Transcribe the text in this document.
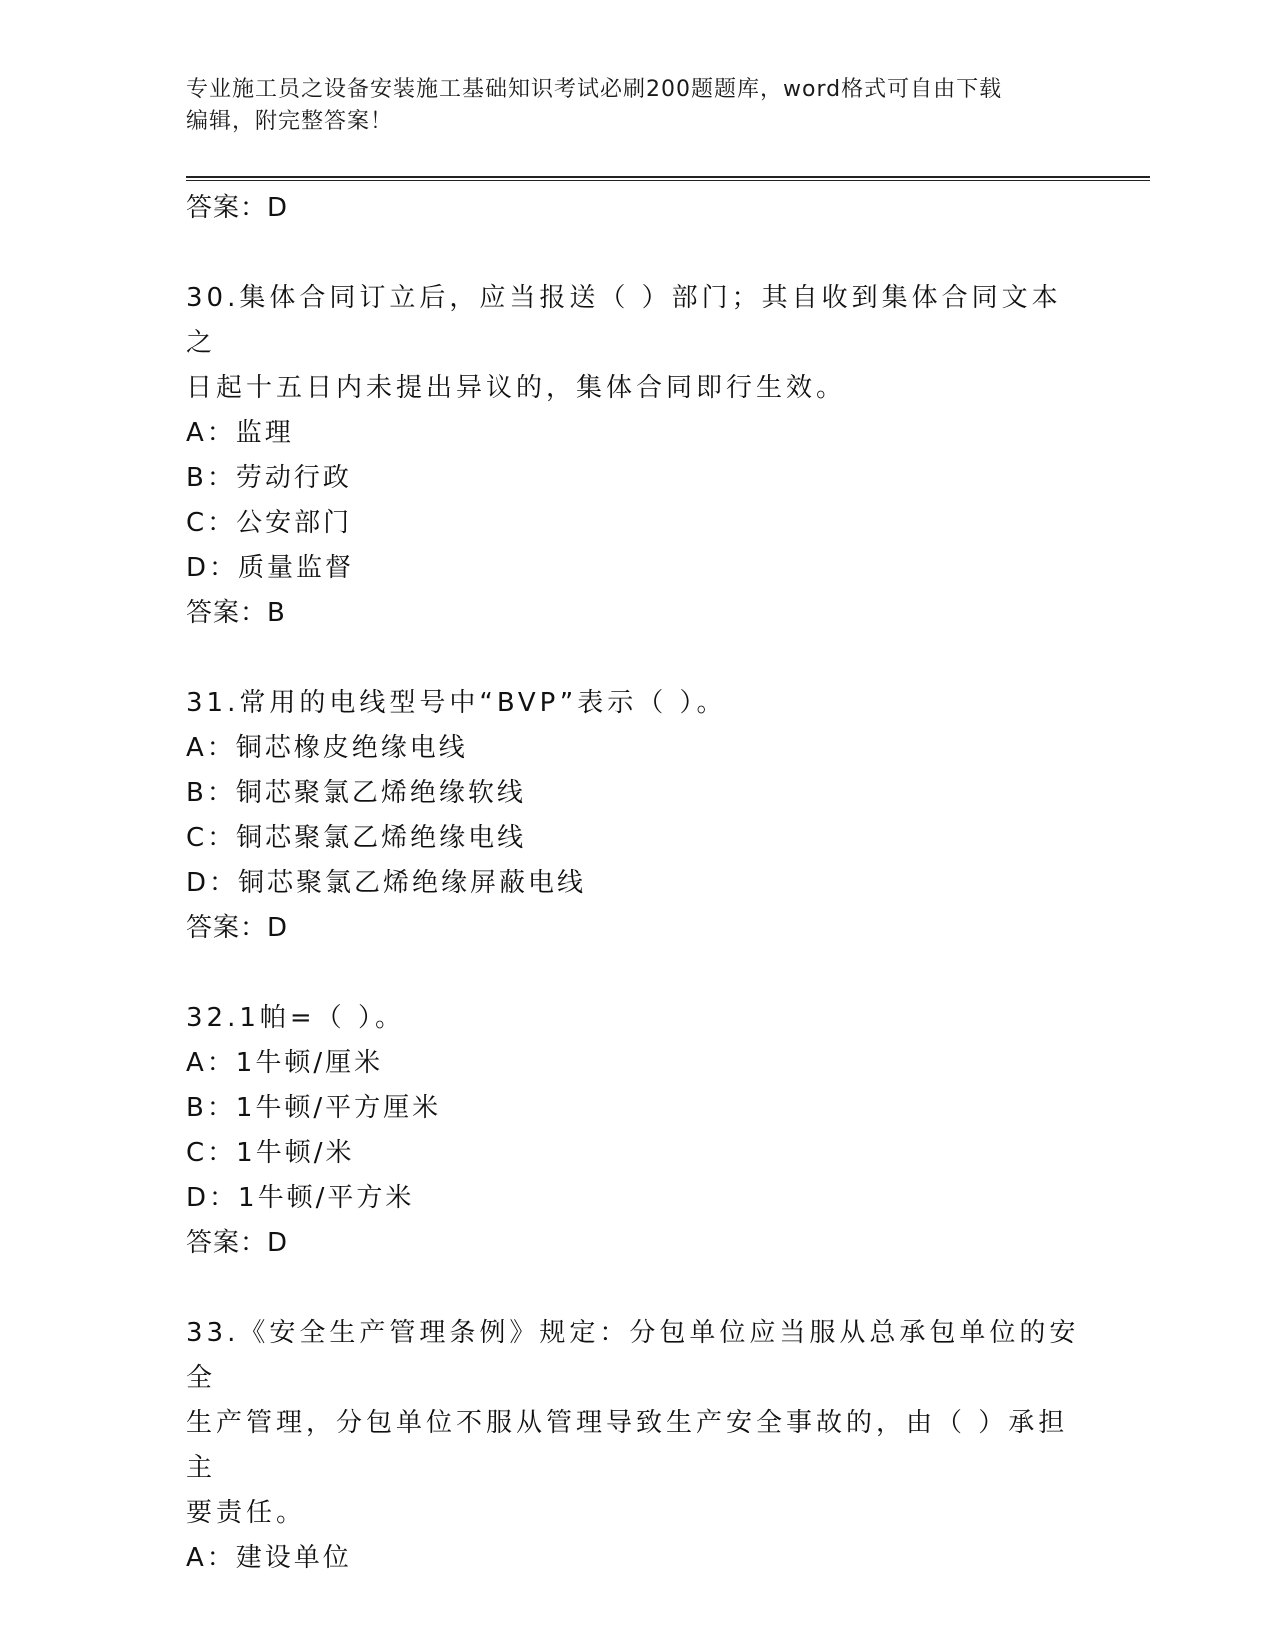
专业施工员之设备安装施工基础知识考试必刷200题题库，word格式可自由下载
编辑，附完整答案！
答案：D
30.集体合同订立后，应当报送（ ）部门；其自收到集体合同文本之
日起十五日内未提出异议的，集体合同即行生效。
A：监理
B：劳动行政
C：公安部门
D：质量监督
答案：B
31.常用的电线型号中“BVP”表示（ ）。
A：铜芯橡皮绝缘电线
B：铜芯聚氯乙烯绝缘软线
C：铜芯聚氯乙烯绝缘电线
D：铜芯聚氯乙烯绝缘屏蔽电线
答案：D
32.1帕=（ ）。
A：1牛顿/厘米
B：1牛顿/平方厘米
C：1牛顿/米
D：1牛顿/平方米
答案：D
33.《安全生产管理条例》规定：分包单位应当服从总承包单位的安全
生产管理，分包单位不服从管理导致生产安全事故的，由（ ）承担主
要责任。
A：建设单位
